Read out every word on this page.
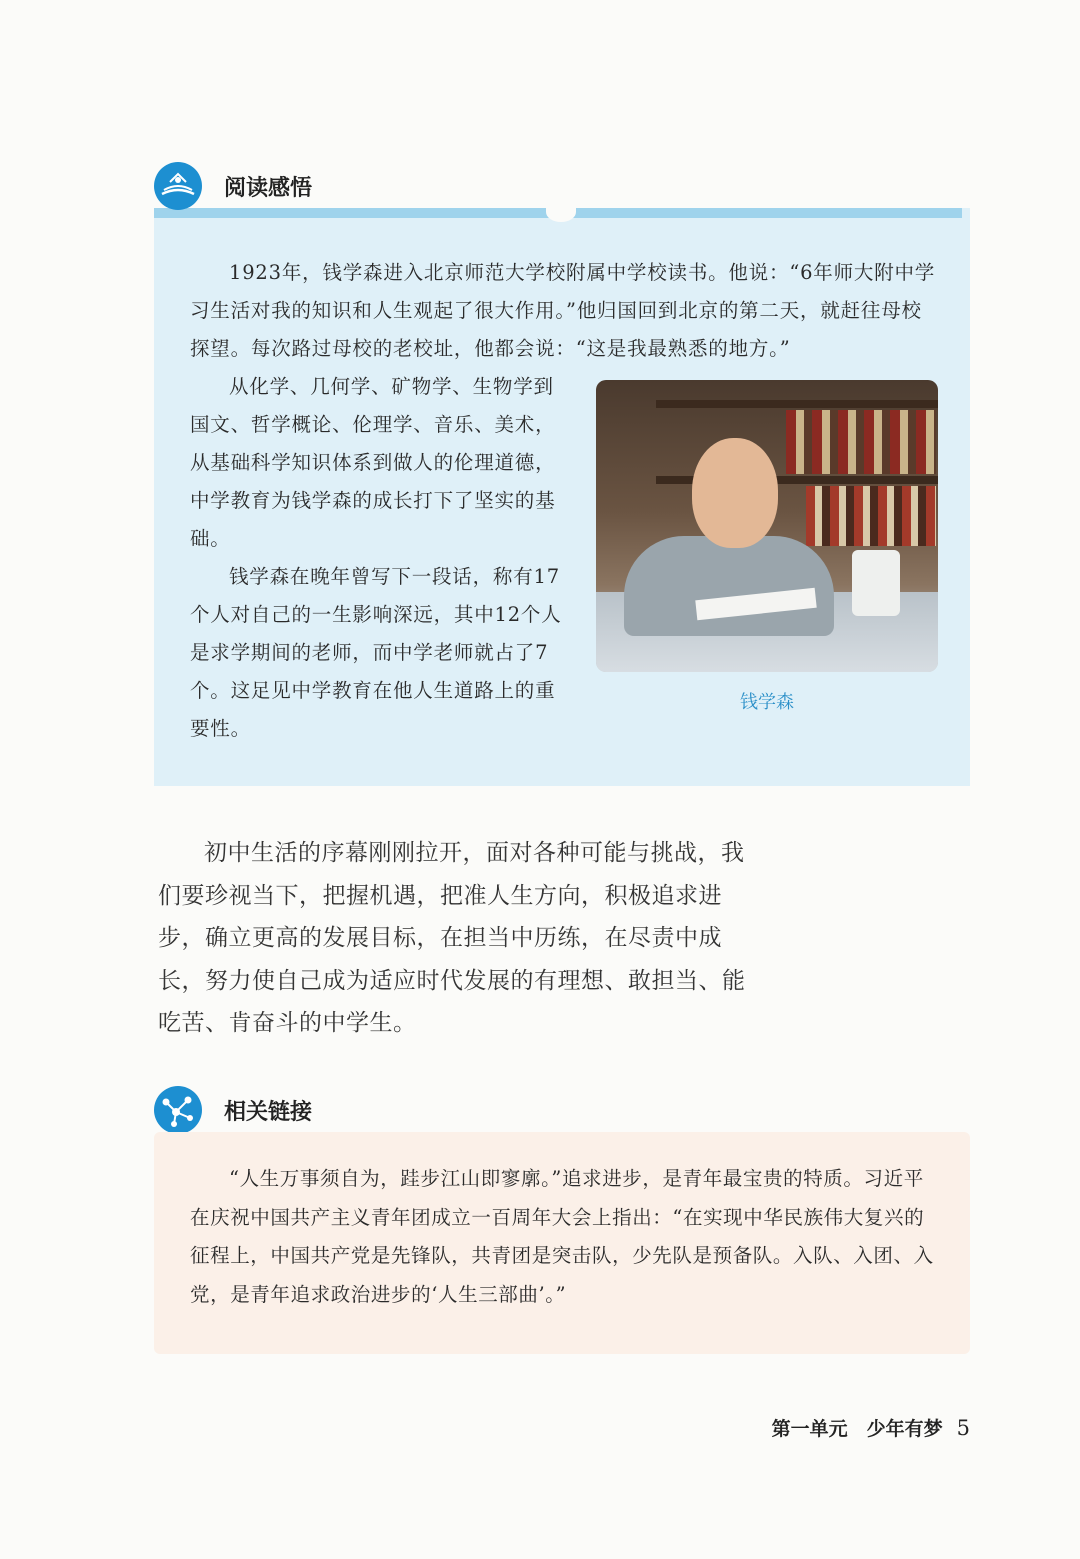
阅读感悟

1923年，钱学森进入北京师范大学校附属中学校读书。他说：“6年师大附中学习生活对我的知识和人生观起了很大作用。”他归国回到北京的第二天，就赶往母校探望。每次路过母校的老校址，他都会说：“这是我最熟悉的地方。”

从化学、几何学、矿物学、生物学到国文、哲学概论、伦理学、音乐、美术，从基础科学知识体系到做人的伦理道德，中学教育为钱学森的成长打下了坚实的基础。

钱学森在晚年曾写下一段话，称有17个人对自己的一生影响深远，其中12个人是求学期间的老师，而中学老师就占了7个。这足见中学教育在他人生道路上的重要性。

钱学森

初中生活的序幕刚刚拉开，面对各种可能与挑战，我们要珍视当下，把握机遇，把准人生方向，积极追求进步，确立更高的发展目标，在担当中历练，在尽责中成长，努力使自己成为适应时代发展的有理想、敢担当、能吃苦、肯奋斗的中学生。

相关链接

“人生万事须自为，跬步江山即寥廓。”追求进步，是青年最宝贵的特质。习近平在庆祝中国共产主义青年团成立一百周年大会上指出：“在实现中华民族伟大复兴的征程上，中国共产党是先锋队，共青团是突击队，少先队是预备队。入队、入团、入党，是青年追求政治进步的‘人生三部曲’。”

第一单元　少年有梦 5
